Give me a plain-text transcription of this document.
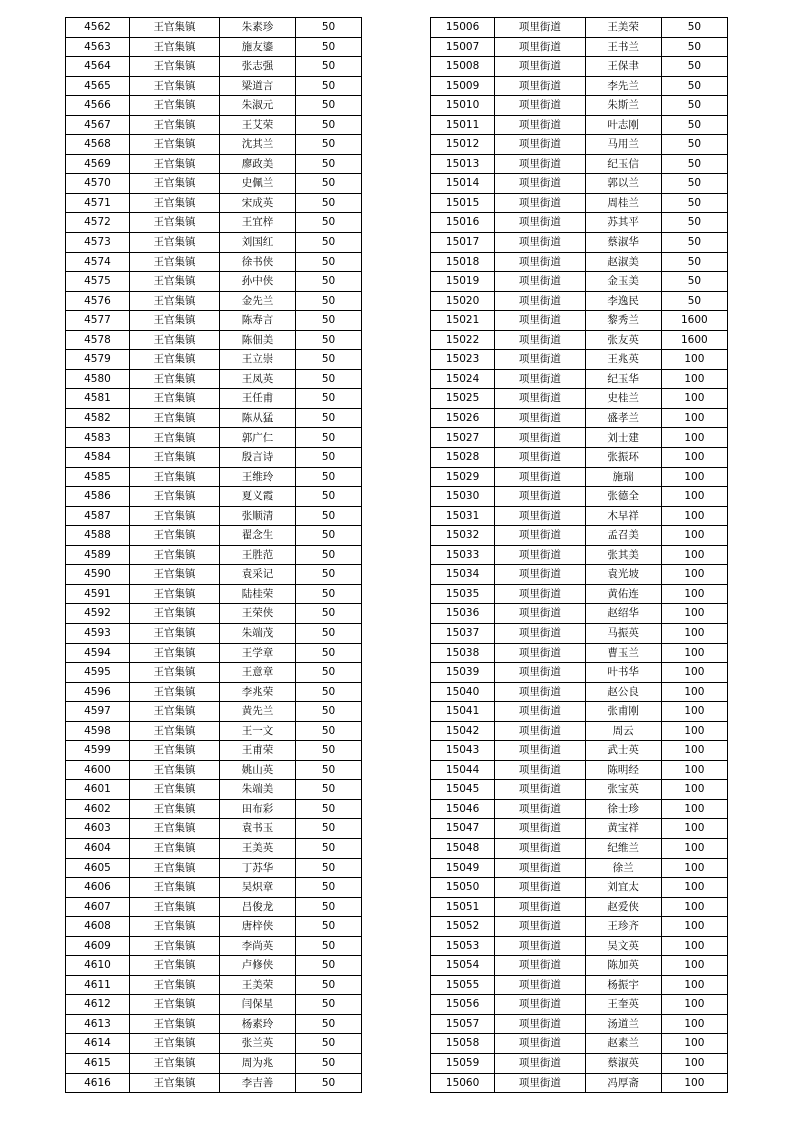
4562	王官集镇	朱素珍	50
4563	王官集镇	施友鎏	50
4564	王官集镇	张志强	50
4565	王官集镇	梁道言	50
4566	王官集镇	朱淑元	50
4567	王官集镇	王艾荣	50
4568	王官集镇	沈其兰	50
4569	王官集镇	廖政美	50
4570	王官集镇	史佩兰	50
4571	王官集镇	宋成英	50
4572	王官集镇	王宜梓	50
4573	王官集镇	刘国红	50
4574	王官集镇	徐书侠	50
4575	王官集镇	孙中侠	50
4576	王官集镇	金先兰	50
4577	王官集镇	陈寿言	50
4578	王官集镇	陈佃美	50
4579	王官集镇	王立崇	50
4580	王官集镇	王凤英	50
4581	王官集镇	王任甫	50
4582	王官集镇	陈从猛	50
4583	王官集镇	郭广仁	50
4584	王官集镇	殷言诗	50
4585	王官集镇	王维玲	50
4586	王官集镇	夏义霞	50
4587	王官集镇	张顺清	50
4588	王官集镇	翟念生	50
4589	王官集镇	王胜范	50
4590	王官集镇	袁采记	50
4591	王官集镇	陆桂荣	50
4592	王官集镇	王荣侠	50
4593	王官集镇	朱端茂	50
4594	王官集镇	王学章	50
4595	王官集镇	王意章	50
4596	王官集镇	李兆荣	50
4597	王官集镇	黄先兰	50
4598	王官集镇	王一文	50
4599	王官集镇	王甫荣	50
4600	王官集镇	姚山英	50
4601	王官集镇	朱端美	50
4602	王官集镇	田布彩	50
4603	王官集镇	袁书玉	50
4604	王官集镇	王美英	50
4605	王官集镇	丁苏华	50
4606	王官集镇	吴炽章	50
4607	王官集镇	吕俊龙	50
4608	王官集镇	唐梓侠	50
4609	王官集镇	李尚英	50
4610	王官集镇	卢修侠	50
4611	王官集镇	王美荣	50
4612	王官集镇	闫保星	50
4613	王官集镇	杨素玲	50
4614	王官集镇	张兰英	50
4615	王官集镇	周为兆	50
4616	王官集镇	李吉善	50
15006	项里街道	王美荣	50
15007	项里街道	王书兰	50
15008	项里街道	王保聿	50
15009	项里街道	李先兰	50
15010	项里街道	朱斯兰	50
15011	项里街道	叶志刚	50
15012	项里街道	马用兰	50
15013	项里街道	纪玉信	50
15014	项里街道	郭以兰	50
15015	项里街道	周桂兰	50
15016	项里街道	苏其平	50
15017	项里街道	蔡淑华	50
15018	项里街道	赵淑美	50
15019	项里街道	金玉美	50
15020	项里街道	李逸民	50
15021	项里街道	黎秀兰	1600
15022	项里街道	张友英	1600
15023	项里街道	王兆英	100
15024	项里街道	纪玉华	100
15025	项里街道	史桂兰	100
15026	项里街道	盛孝兰	100
15027	项里街道	刘士建	100
15028	项里街道	张振环	100
15029	项里街道	施瑞	100
15030	项里街道	张德全	100
15031	项里街道	木早祥	100
15032	项里街道	孟召美	100
15033	项里街道	张其美	100
15034	项里街道	袁光坡	100
15035	项里街道	黄佑连	100
15036	项里街道	赵绍华	100
15037	项里街道	马振英	100
15038	项里街道	曹玉兰	100
15039	项里街道	叶书华	100
15040	项里街道	赵公良	100
15041	项里街道	张甫刚	100
15042	项里街道	周云	100
15043	项里街道	武士英	100
15044	项里街道	陈明经	100
15045	项里街道	张宝英	100
15046	项里街道	徐士珍	100
15047	项里街道	黄宝祥	100
15048	项里街道	纪维兰	100
15049	项里街道	徐兰	100
15050	项里街道	刘宜太	100
15051	项里街道	赵爱侠	100
15052	项里街道	王珍齐	100
15053	项里街道	吴文英	100
15054	项里街道	陈加英	100
15055	项里街道	杨振宇	100
15056	项里街道	王奎英	100
15057	项里街道	汤道兰	100
15058	项里街道	赵素兰	100
15059	项里街道	蔡淑英	100
15060	项里街道	冯厚斋	100
